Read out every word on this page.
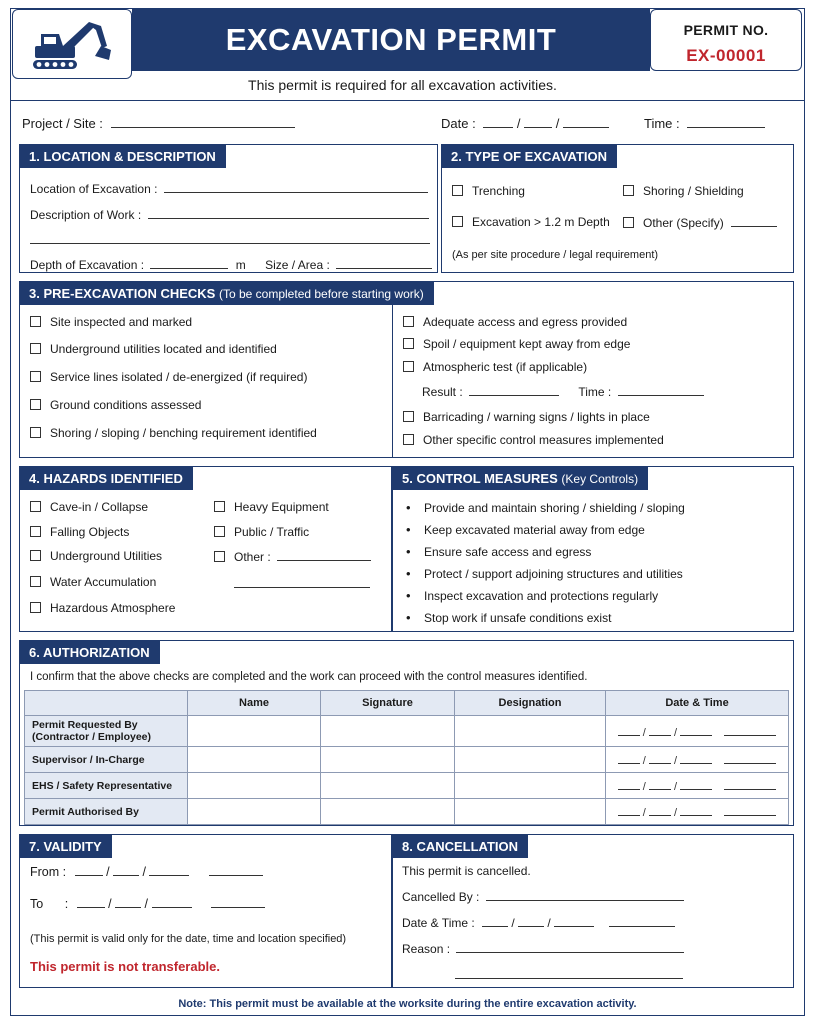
EXCAVATION PERMIT	PERMIT NO.
EX-00001
This permit is required for all excavation activities.
Project / Site :	Date :	/  /	Time :
1. LOCATION & DESCRIPTION
Location of Excavation :
Description of Work :
Depth of Excavation :	m Size / Area :
2. TYPE OF EXCAVATION
Trenching	Shoring / Shielding
Excavation > 1.2 m Depth	Other (Specify)
(As per site procedure / legal requirement)
3. PRE-EXCAVATION CHECKS (To be completed before starting work)
Site inspected and marked
Underground utilities located and identified
Service lines isolated / de-energized (if required)
Ground conditions assessed
Shoring / sloping / benching requirement identified
Adequate access and egress provided
Spoil / equipment kept away from edge
Atmospheric test (if applicable)
Result :	Time :
Barricading / warning signs / lights in place
Other specific control measures implemented
4. HAZARDS IDENTIFIED
Cave-in / Collapse
Falling Objects
Underground Utilities
Water Accumulation
Hazardous Atmosphere
Heavy Equipment
Public / Traffic
Other :
5. CONTROL MEASURES (Key Controls)
• Provide and maintain shoring / shielding / sloping
• Keep excavated material away from edge
• Ensure safe access and egress
• Protect / support adjoining structures and utilities
• Inspect excavation and protections regularly
• Stop work if unsafe conditions exist
6. AUTHORIZATION
I confirm that the above checks are completed and the work can proceed with the control measures identified.
	Name	Signature	Designation	Date & Time
Permit Requested By
(Contractor / Employee)				/ /
Supervisor / In-Charge				/ /
EHS / Safety Representative				/ /
Permit Authorised By				/ /
7. VALIDITY
From :	/  /
To :	/  /
(This permit is valid only for the date, time and location specified)
This permit is not transferable.
8. CANCELLATION
This permit is cancelled.
Cancelled By :
Date & Time :	/  /
Reason :
Note: This permit must be available at the worksite during the entire excavation activity.
